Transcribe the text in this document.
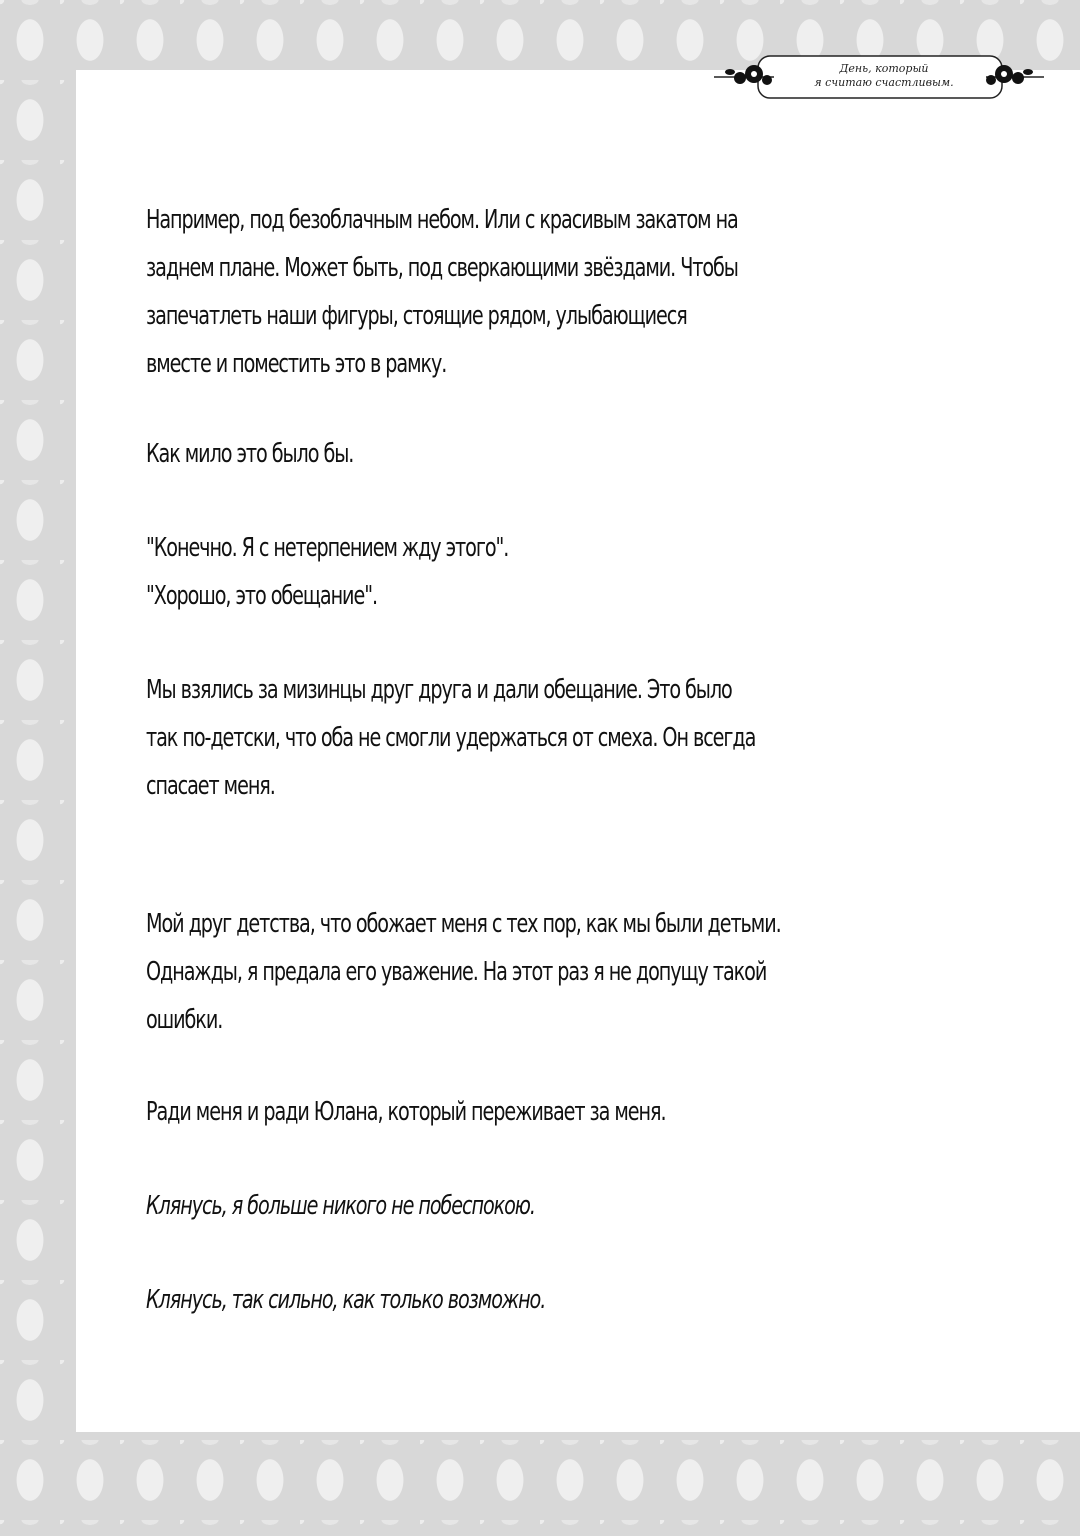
День, который
я считаю счастливым.

Например, под безоблачным небом. Или с красивым закатом на
заднем плане. Может быть, под сверкающими звёздами. Чтобы
запечатлеть наши фигуры, стоящие рядом, улыбающиеся
вместе и поместить это в рамку.

Как мило это было бы.

"Конечно. Я с нетерпением жду этого".
"Хорошо, это обещание".

Мы взялись за мизинцы друг друга и дали обещание. Это было
так по-детски, что оба не смогли удержаться от смеха. Он всегда
спасает меня.

Мой друг детства, что обожает меня с тех пор, как мы были детьми.
Однажды, я предала его уважение. На этот раз я не допущу такой
ошибки.

Ради меня и ради Юлана, который переживает за меня.

Клянусь, я больше никого не побеспокою.

Клянусь, так сильно, как только возможно.
